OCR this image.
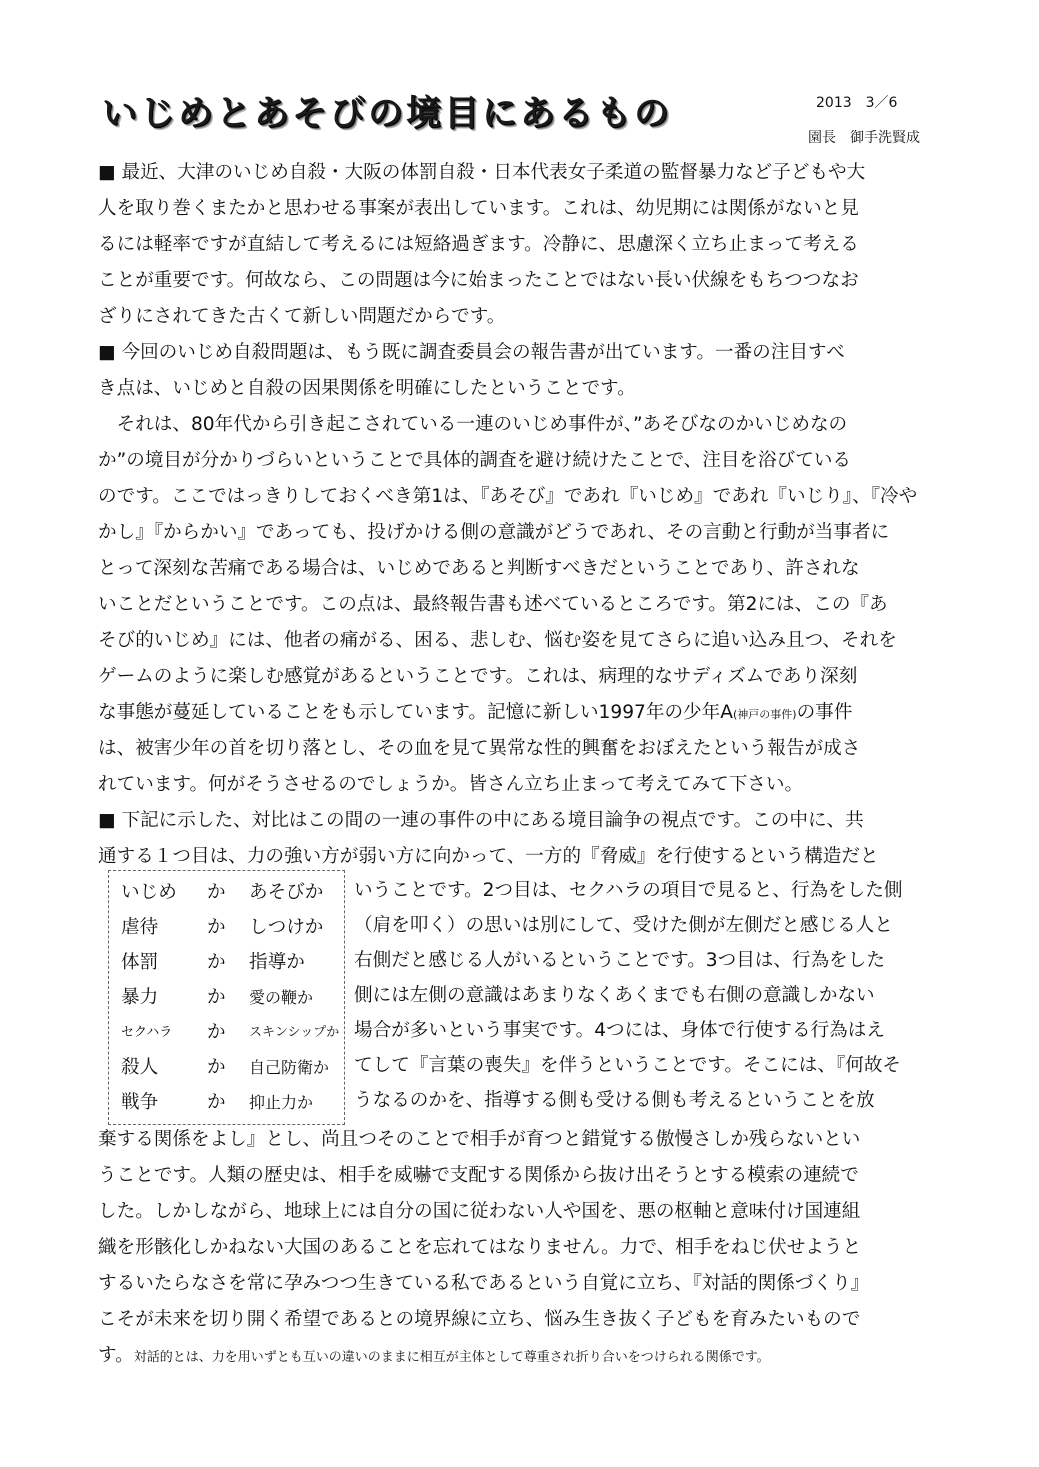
いじめとあそびの境目にあるもの	2013　3／6
園長　御手洗賢成
■ 最近、大津のいじめ自殺・大阪の体罰自殺・日本代表女子柔道の監督暴力など子どもや大
人を取り巻くまたかと思わせる事案が表出しています。これは、幼児期には関係がないと見
るには軽率ですが直結して考えるには短絡過ぎます。冷静に、思慮深く立ち止まって考える
ことが重要です。何故なら、この問題は今に始まったことではない長い伏線をもちつつなお
ざりにされてきた古くて新しい問題だからです。
■ 今回のいじめ自殺問題は、もう既に調査委員会の報告書が出ています。一番の注目すべ
き点は、いじめと自殺の因果関係を明確にしたということです。
　それは、80年代から引き起こされている一連のいじめ事件が、”あそびなのかいじめなの
か”の境目が分かりづらいということで具体的調査を避け続けたことで、注目を浴びている
のです。ここではっきりしておくべき第1は、『あそび』であれ『いじめ』であれ『いじり』、『冷や
かし』『からかい』であっても、投げかける側の意識がどうであれ、その言動と行動が当事者に
とって深刻な苦痛である場合は、いじめであると判断すべきだということであり、許されな
いことだということです。この点は、最終報告書も述べているところです。第2には、この『あ
そび的いじめ』には、他者の痛がる、困る、悲しむ、悩む姿を見てさらに追い込み且つ、それを
ゲームのように楽しむ感覚があるということです。これは、病理的なサディズムであり深刻
な事態が蔓延していることをも示しています。記憶に新しい1997年の少年A(神戸の事件)の事件
は、被害少年の首を切り落とし、その血を見て異常な性的興奮をおぼえたという報告が成さ
れています。何がそうさせるのでしょうか。皆さん立ち止まって考えてみて下さい。
■ 下記に示した、対比はこの間の一連の事件の中にある境目論争の視点です。この中に、共
通する１つ目は、力の強い方が弱い方に向かって、一方的『脅威』を行使するという構造だと
いじめ か あそびか
虐待	か しつけか
体罰	か 指導か
暴力	か 愛の鞭か
セクハラ か スキンシップか
殺人	か 自己防衛か
戦争	か 抑止力か
いうことです。2つ目は、セクハラの項目で見ると、行為をした側
（肩を叩く）の思いは別にして、受けた側が左側だと感じる人と
右側だと感じる人がいるということです。3つ目は、行為をした
側には左側の意識はあまりなくあくまでも右側の意識しかない
場合が多いという事実です。4つには、身体で行使する行為はえ
てして『言葉の喪失』を伴うということです。そこには、『何故そ
うなるのかを、指導する側も受ける側も考えるということを放
棄する関係をよし』とし、尚且つそのことで相手が育つと錯覚する傲慢さしか残らないとい
うことです。人類の歴史は、相手を威嚇で支配する関係から抜け出そうとする模索の連続で
した。しかしながら、地球上には自分の国に従わない人や国を、悪の枢軸と意味付け国連組
織を形骸化しかねない大国のあることを忘れてはなりません。力で、相手をねじ伏せようと
するいたらなさを常に孕みつつ生きている私であるという自覚に立ち、『対話的関係づくり』
こそが未来を切り開く希望であるとの境界線に立ち、悩み生き抜く子どもを育みたいもので
す。対話的とは、力を用いずとも互いの違いのままに相互が主体として尊重され折り合いをつけられる関係です。
